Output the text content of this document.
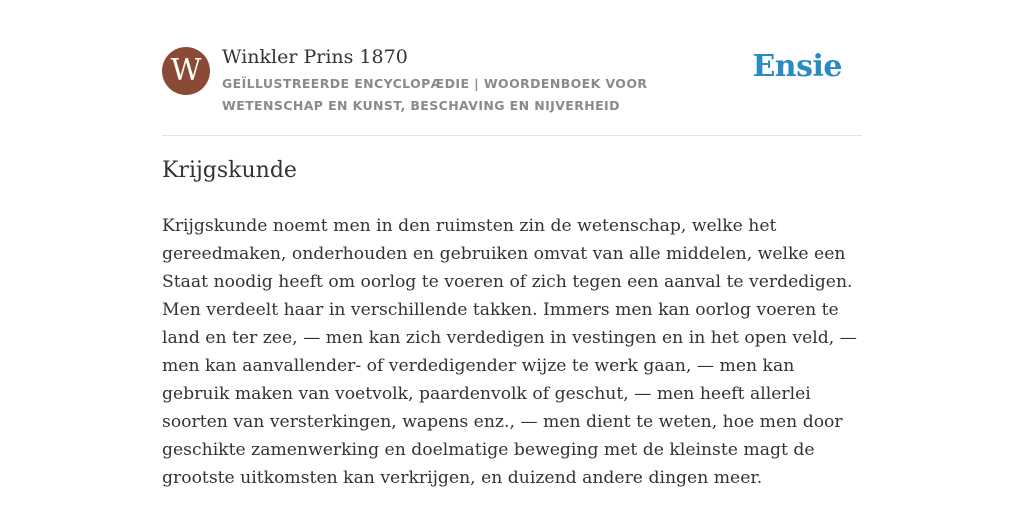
W	Winkler Prins 1870
GEÏLLUSTREERDE ENCYCLOPÆDIE | WOORDENBOEK VOOR WETENSCHAP EN KUNST, BESCHAVING EN NIJVERHEID
Ensie
Krijgskunde

Krijgskunde noemt men in den ruimsten zin de wetenschap, welke het gereedmaken, onderhouden en gebruiken omvat van alle middelen, welke een Staat noodig heeft om oorlog te voeren of zich tegen een aanval te verdedigen. Men verdeelt haar in verschillende takken. Immers men kan oorlog voeren te land en ter zee, — men kan zich verdedigen in vestingen en in het open veld, — men kan aanvallender- of verdedigender wijze te werk gaan, — men kan gebruik maken van voetvolk, paardenvolk of geschut, — men heeft allerlei soorten van versterkingen, wapens enz., — men dient te weten, hoe men door geschikte zamenwerking en doelmatige beweging met de kleinste magt de grootste uitkomsten kan verkrijgen, en duizend andere dingen meer.
